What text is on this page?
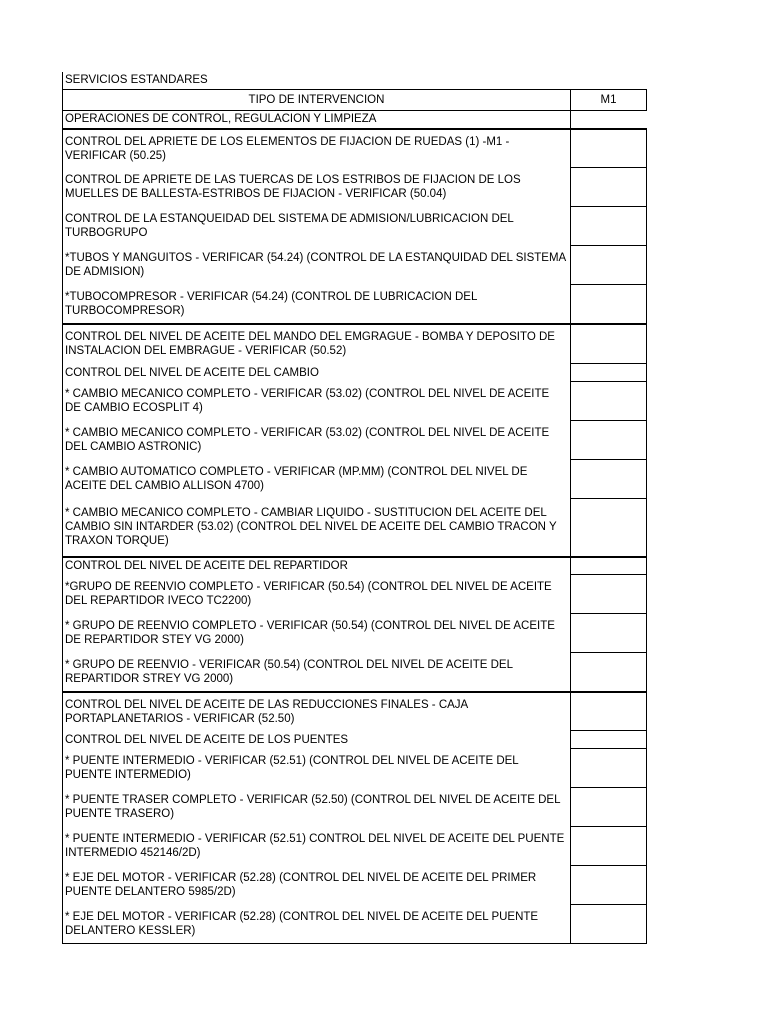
SERVICIOS ESTANDARES
TIPO DE INTERVENCION	M1
OPERACIONES DE CONTROL, REGULACION Y LIMPIEZA	
CONTROL DEL APRIETE DE LOS ELEMENTOS DE FIJACION DE RUEDAS (1) -M1 - VERIFICAR (50.25)	
CONTROL DE APRIETE DE LAS TUERCAS DE LOS ESTRIBOS DE FIJACION DE LOS MUELLES DE BALLESTA-ESTRIBOS DE FIJACION - VERIFICAR (50.04)	
CONTROL DE LA ESTANQUEIDAD DEL SISTEMA DE ADMISION/LUBRICACION DEL TURBOGRUPO	
*TUBOS Y MANGUITOS - VERIFICAR (54.24) (CONTROL DE LA ESTANQUIDAD DEL SISTEMA DE ADMISION)	
*TUBOCOMPRESOR - VERIFICAR (54.24) (CONTROL DE LUBRICACION DEL TURBOCOMPRESOR)	
CONTROL DEL NIVEL DE ACEITE DEL MANDO DEL EMGRAGUE - BOMBA Y DEPOSITO DE INSTALACION DEL EMBRAGUE - VERIFICAR (50.52)	
CONTROL DEL NIVEL DE ACEITE DEL CAMBIO	
* CAMBIO MECANICO COMPLETO - VERIFICAR (53.02) (CONTROL DEL NIVEL DE ACEITE DE CAMBIO ECOSPLIT 4)	
* CAMBIO MECANICO COMPLETO - VERIFICAR (53.02) (CONTROL DEL NIVEL DE ACEITE DEL CAMBIO ASTRONIC)	
* CAMBIO AUTOMATICO COMPLETO - VERIFICAR (MP.MM) (CONTROL DEL NIVEL DE ACEITE DEL CAMBIO ALLISON 4700)	
* CAMBIO MECANICO COMPLETO - CAMBIAR LIQUIDO - SUSTITUCION DEL ACEITE DEL CAMBIO SIN INTARDER (53.02) (CONTROL DEL NIVEL DE ACEITE DEL CAMBIO TRACON Y TRAXON TORQUE)	
CONTROL DEL NIVEL DE ACEITE DEL REPARTIDOR	
*GRUPO DE REENVIO COMPLETO - VERIFICAR (50.54) (CONTROL DEL NIVEL DE ACEITE DEL REPARTIDOR IVECO TC2200)	
* GRUPO DE REENVIO COMPLETO - VERIFICAR (50.54) (CONTROL DEL NIVEL DE ACEITE DE REPARTIDOR STEY VG 2000)	
* GRUPO DE REENVIO - VERIFICAR (50.54) (CONTROL DEL NIVEL DE ACEITE DEL REPARTIDOR STREY VG 2000)	
CONTROL DEL NIVEL DE ACEITE DE LAS REDUCCIONES FINALES - CAJA PORTAPLANETARIOS - VERIFICAR (52.50)	
CONTROL DEL NIVEL DE ACEITE DE LOS PUENTES	
* PUENTE INTERMEDIO - VERIFICAR (52.51) (CONTROL DEL NIVEL DE ACEITE DEL PUENTE INTERMEDIO)	
* PUENTE TRASER COMPLETO - VERIFICAR (52.50) (CONTROL DEL NIVEL DE ACEITE DEL PUENTE TRASERO)	
* PUENTE INTERMEDIO - VERIFICAR (52.51) CONTROL DEL NIVEL DE ACEITE DEL PUENTE INTERMEDIO 452146/2D)	
* EJE DEL MOTOR - VERIFICAR (52.28) (CONTROL DEL NIVEL DE ACEITE DEL PRIMER PUENTE DELANTERO 5985/2D)	
* EJE DEL MOTOR - VERIFICAR (52.28) (CONTROL DEL NIVEL DE ACEITE DEL PUENTE DELANTERO KESSLER)	
